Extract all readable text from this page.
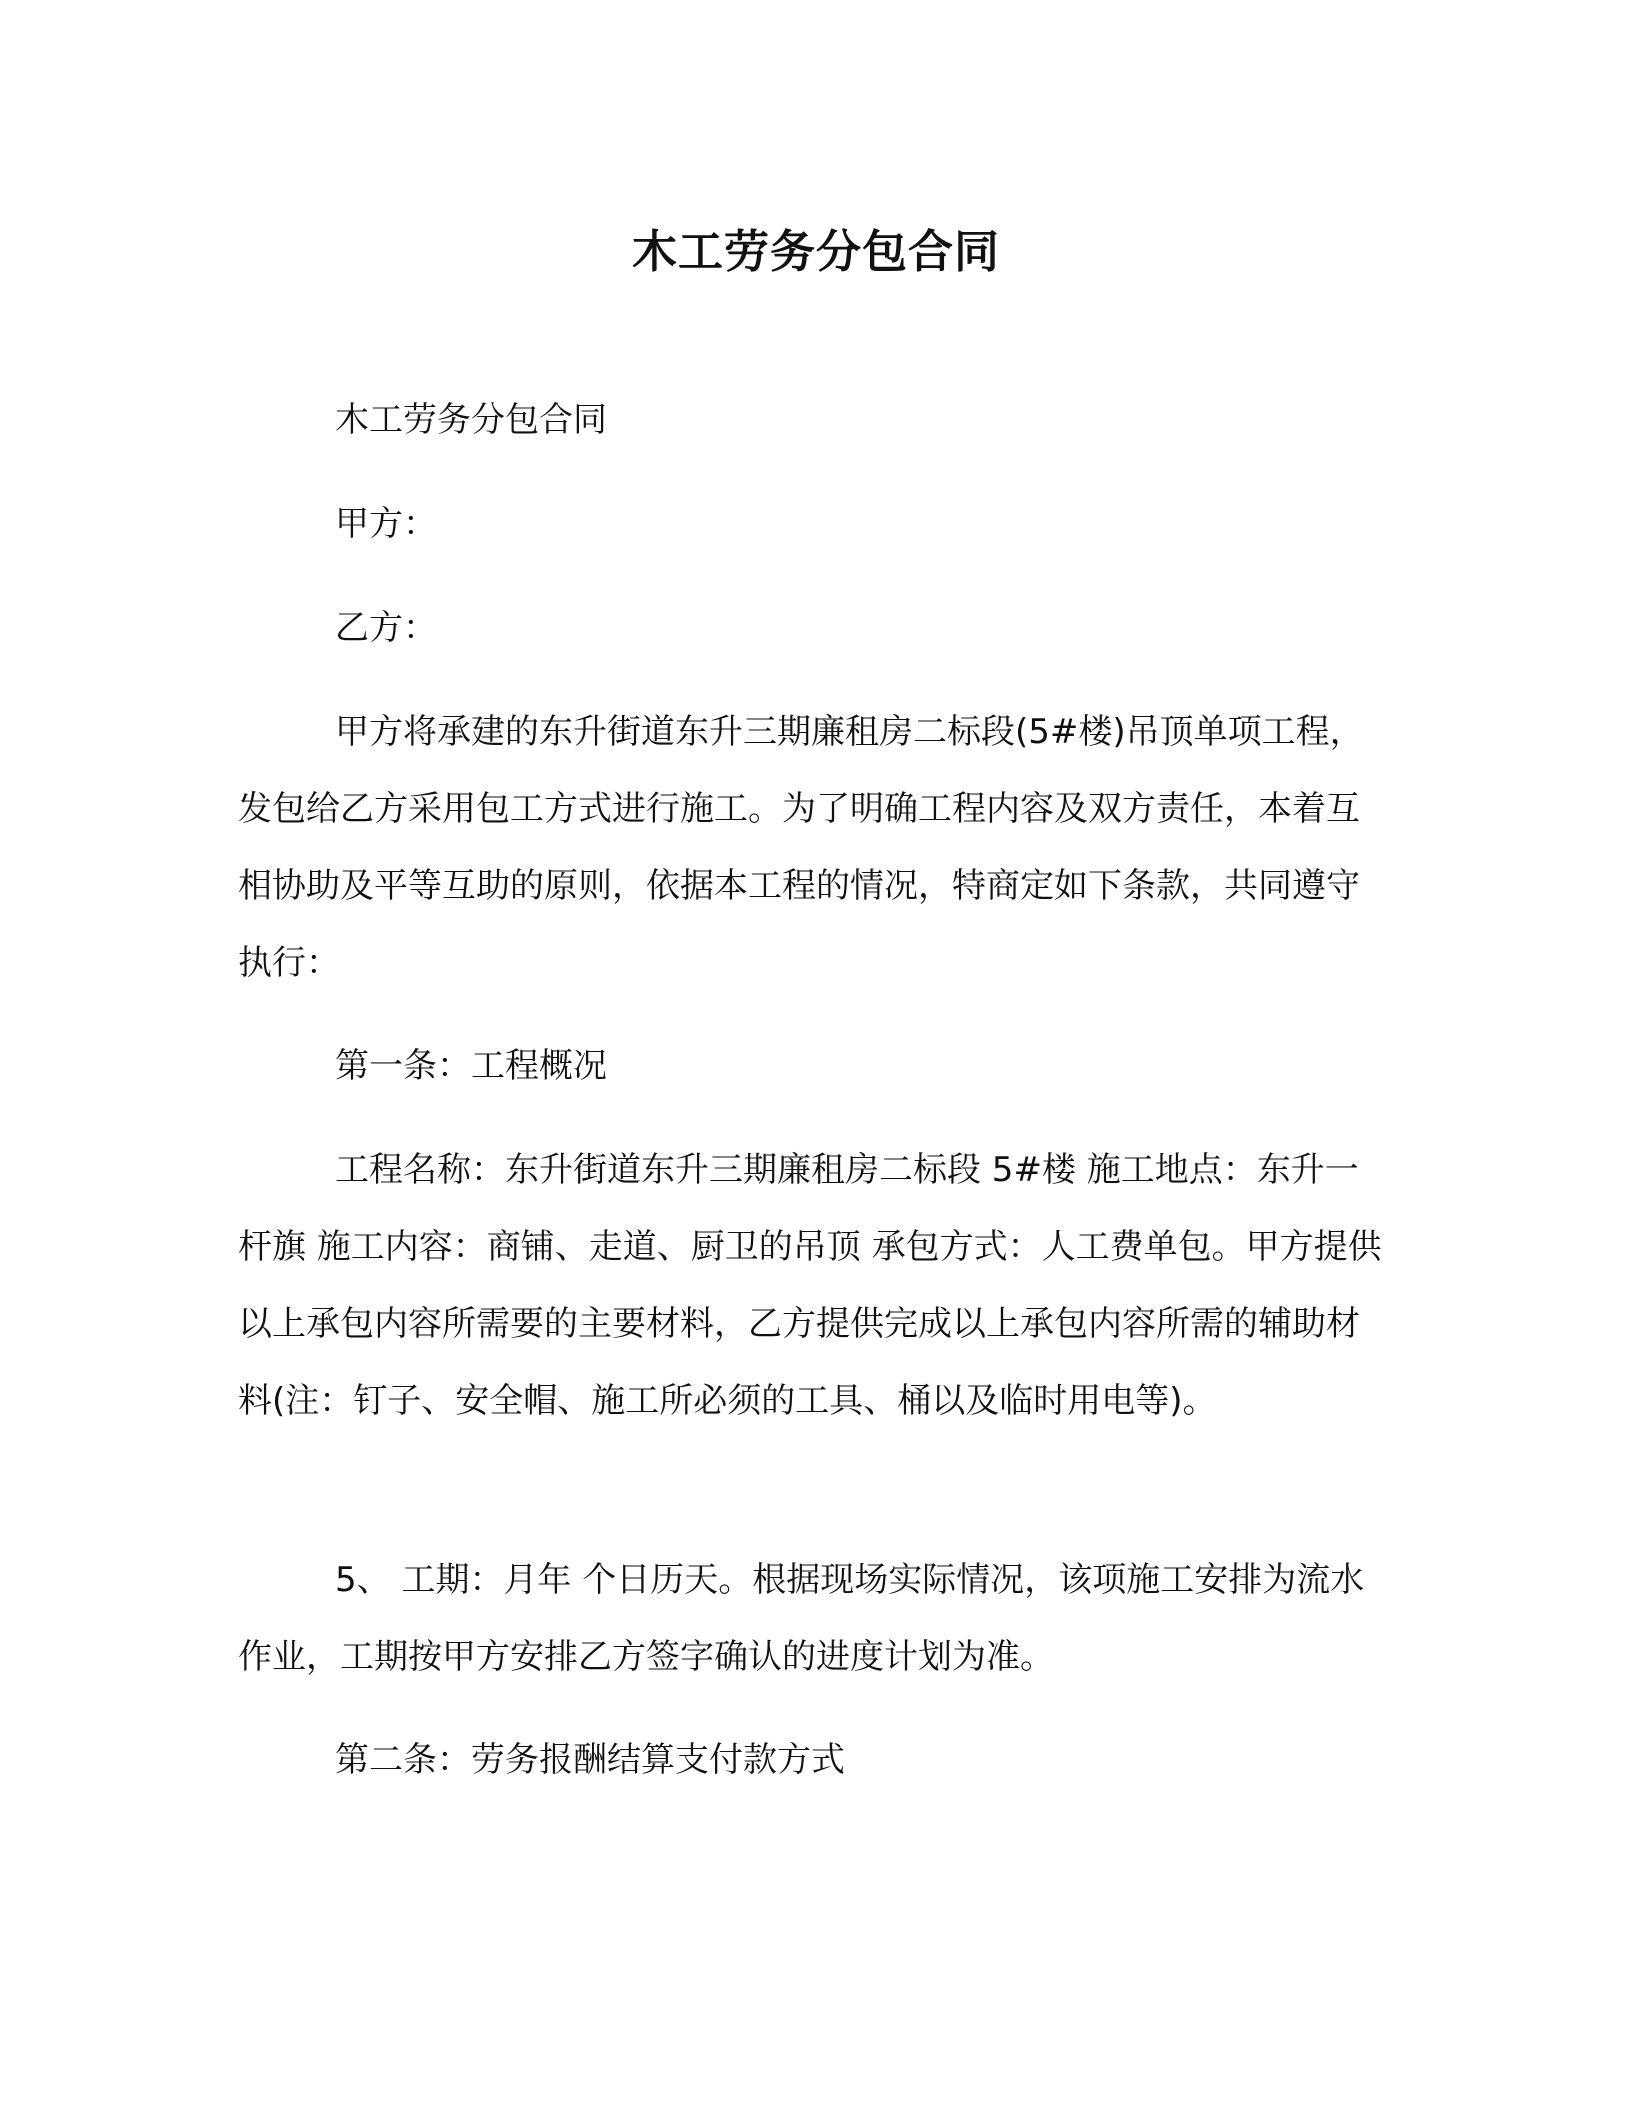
木工劳务分包合同

木工劳务分包合同

甲方：

乙方：

甲方将承建的东升街道东升三期廉租房二标段(5#楼)吊顶单项工程，发包给乙方采用包工方式进行施工。为了明确工程内容及双方责任，本着互相协助及平等互助的原则，依据本工程的情况，特商定如下条款，共同遵守执行：

第一条：工程概况

工程名称：东升街道东升三期廉租房二标段 5#楼 施工地点：东升一杆旗 施工内容：商铺、走道、厨卫的吊顶 承包方式：人工费单包。甲方提供以上承包内容所需要的主要材料，乙方提供完成以上承包内容所需的辅助材料(注：钉子、安全帽、施工所必须的工具、桶以及临时用电等)。

5、 工期：月年 个日历天。根据现场实际情况，该项施工安排为流水作业，工期按甲方安排乙方签字确认的进度计划为准。

第二条：劳务报酬结算支付款方式
